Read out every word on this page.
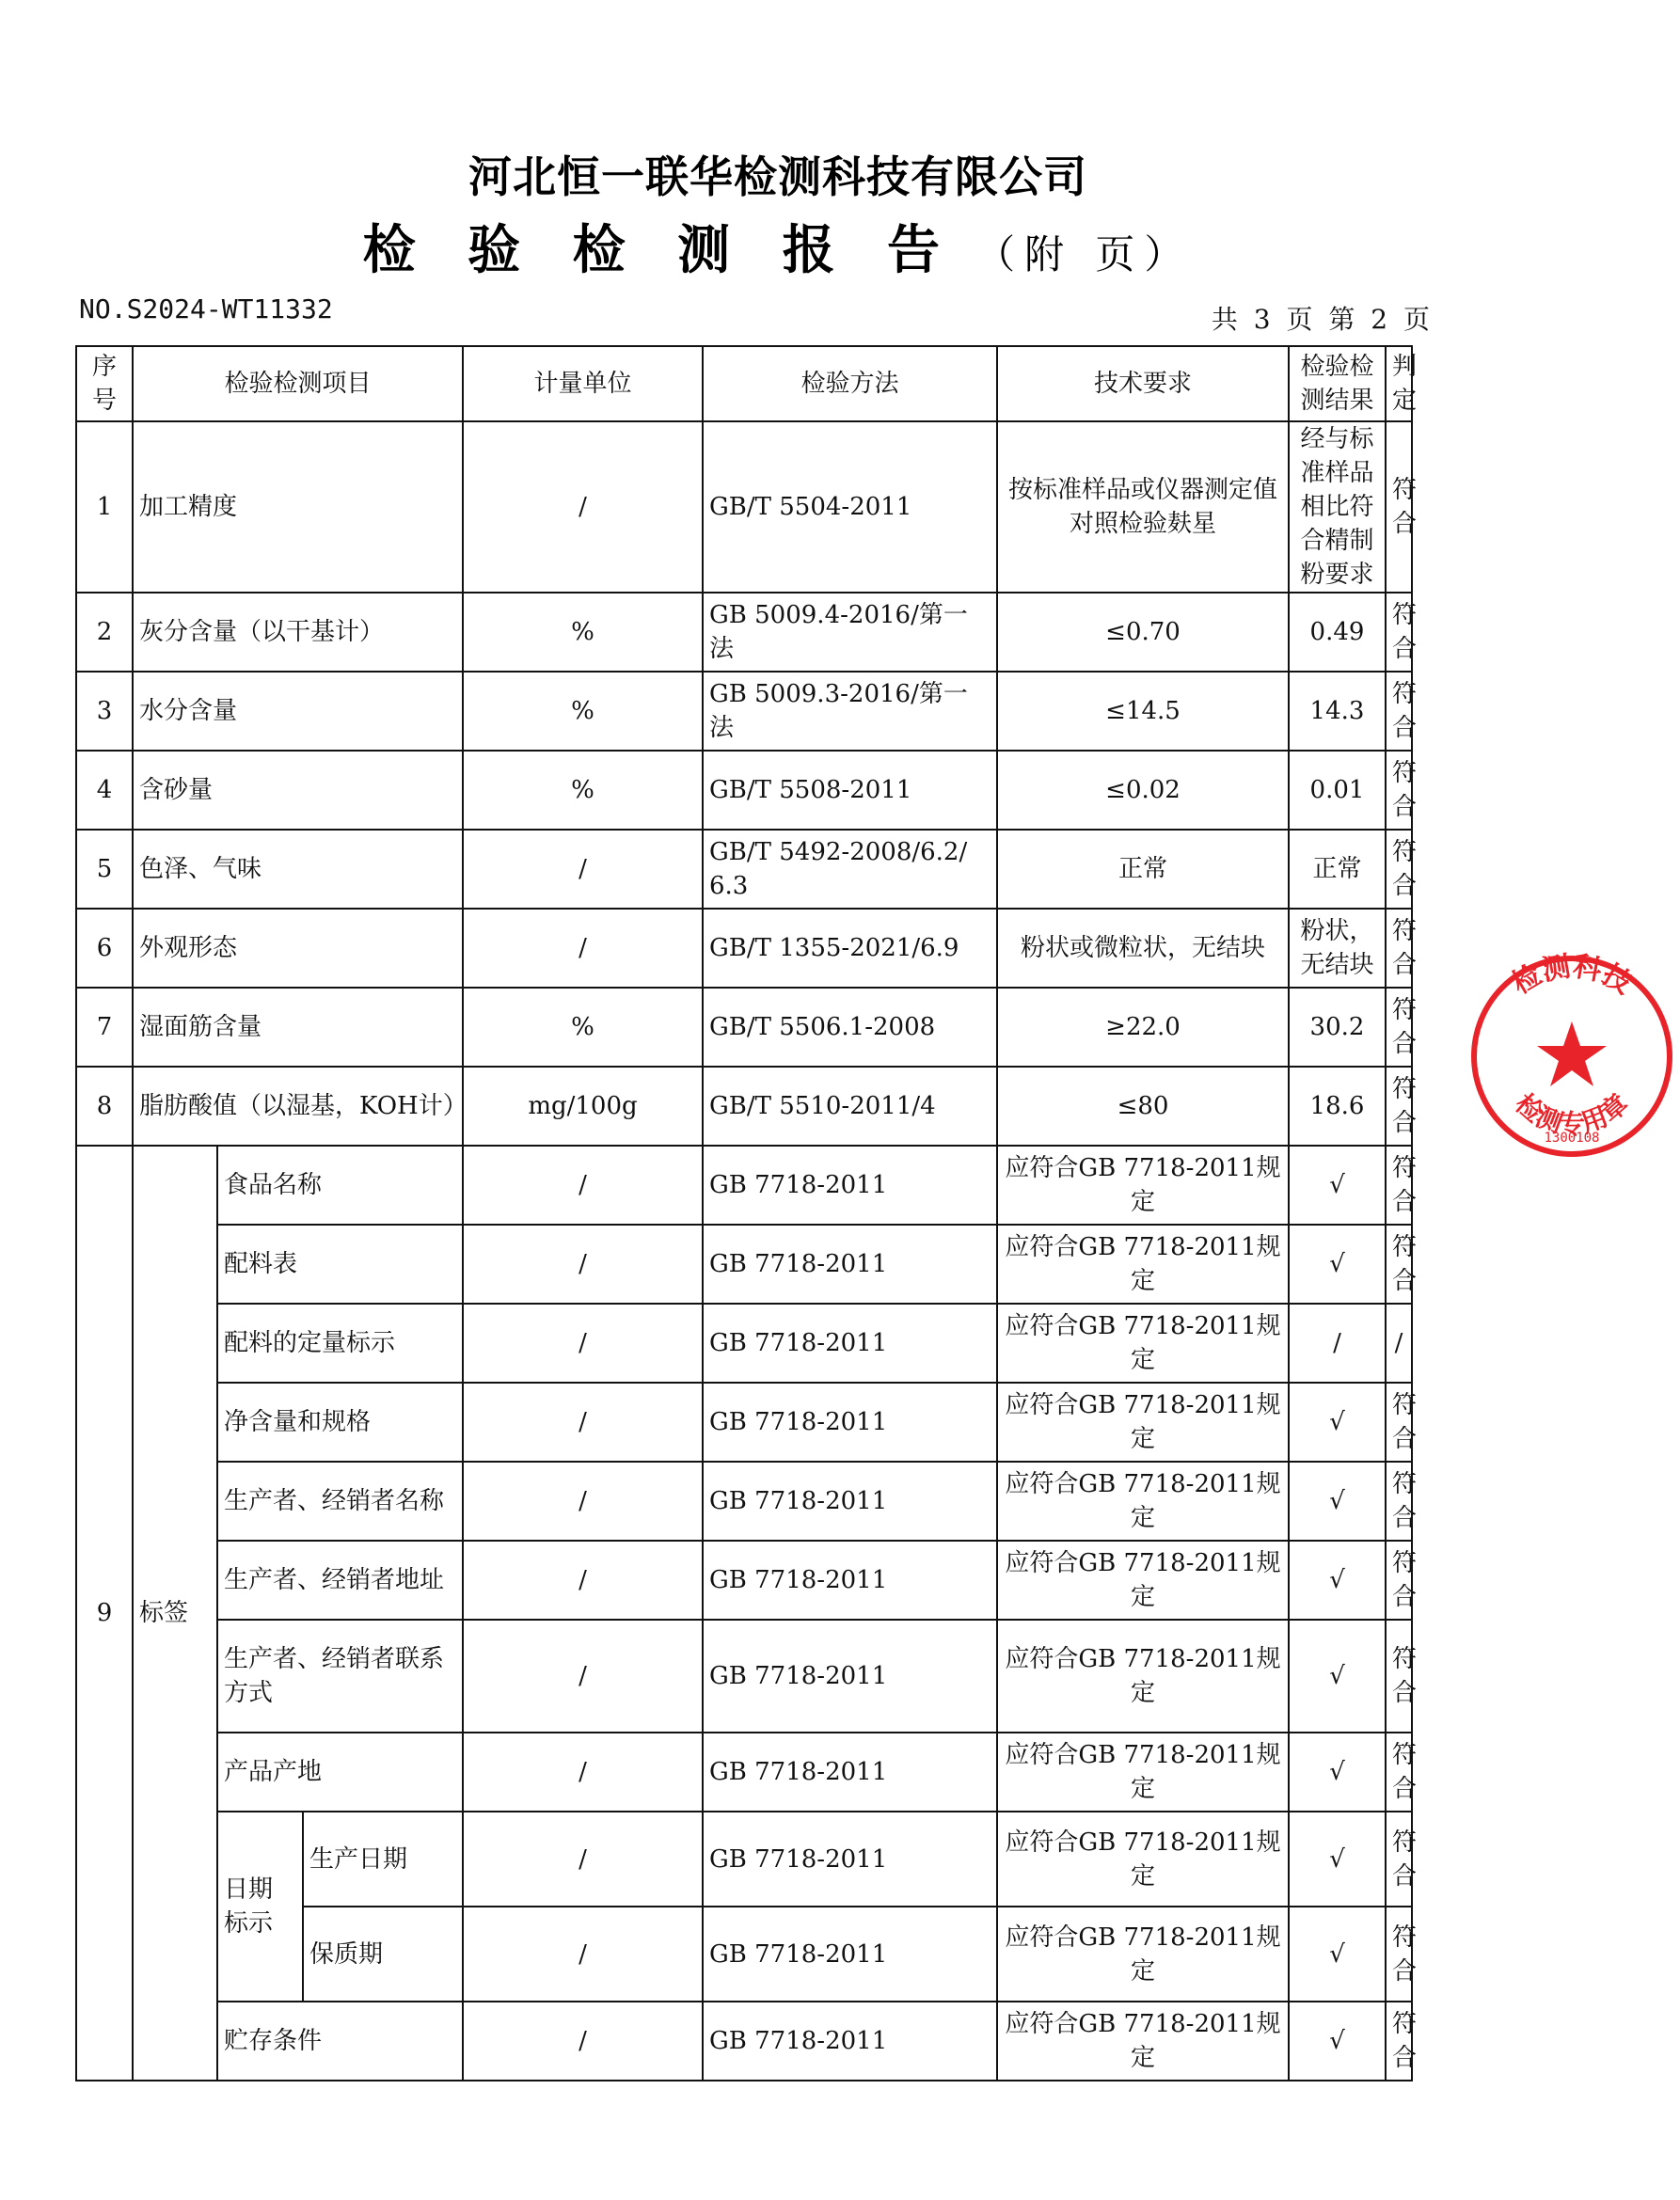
河北恒一联华检测科技有限公司
检 验 检 测 报 告 （附 页）
NO.S2024-WT11332	共 3 页 第 2 页
序号	检验检测项目			计量单位	检验方法	技术要求	检验检测结果	判定
1	加工精度			/	GB/T 5504-2011	按标准样品或仪器测定值对照检验麸星	经与标准样品相比符合精制粉要求	符合
2	灰分含量（以干基计）			%	GB 5009.4-2016/第一法	≤0.70	0.49	符合
3	水分含量			%	GB 5009.3-2016/第一法	≤14.5	14.3	符合
4	含砂量			%	GB/T 5508-2011	≤0.02	0.01	符合
5	色泽、气味			/	GB/T 5492-2008/6.2/6.3	正常	正常	符合
6	外观形态			/	GB/T 1355-2021/6.9	粉状或微粒状，无结块	粉状，无结块	符合
7	湿面筋含量			%	GB/T 5506.1-2008	≥22.0	30.2	符合
8	脂肪酸值（以湿基，KOH计）			mg/100g	GB/T 5510-2011/4	≤80	18.6	符合
9	标签	食品名称		/	GB 7718-2011	应符合GB 7718-2011规定	√	符合
		配料表		/	GB 7718-2011	应符合GB 7718-2011规定	√	符合
		配料的定量标示		/	GB 7718-2011	应符合GB 7718-2011规定	/	/
		净含量和规格		/	GB 7718-2011	应符合GB 7718-2011规定	√	符合
		生产者、经销者名称		/	GB 7718-2011	应符合GB 7718-2011规定	√	符合
		生产者、经销者地址		/	GB 7718-2011	应符合GB 7718-2011规定	√	符合
		生产者、经销者联系方式		/	GB 7718-2011	应符合GB 7718-2011规定	√	符合
		产品产地		/	GB 7718-2011	应符合GB 7718-2011规定	√	符合
		日期标示	生产日期	/	GB 7718-2011	应符合GB 7718-2011规定	√	符合
			保质期	/	GB 7718-2011	应符合GB 7718-2011规定	√	符合
		贮存条件		/	GB 7718-2011	应符合GB 7718-2011规定	√	符合
检测科技
检测专用章
1300108
